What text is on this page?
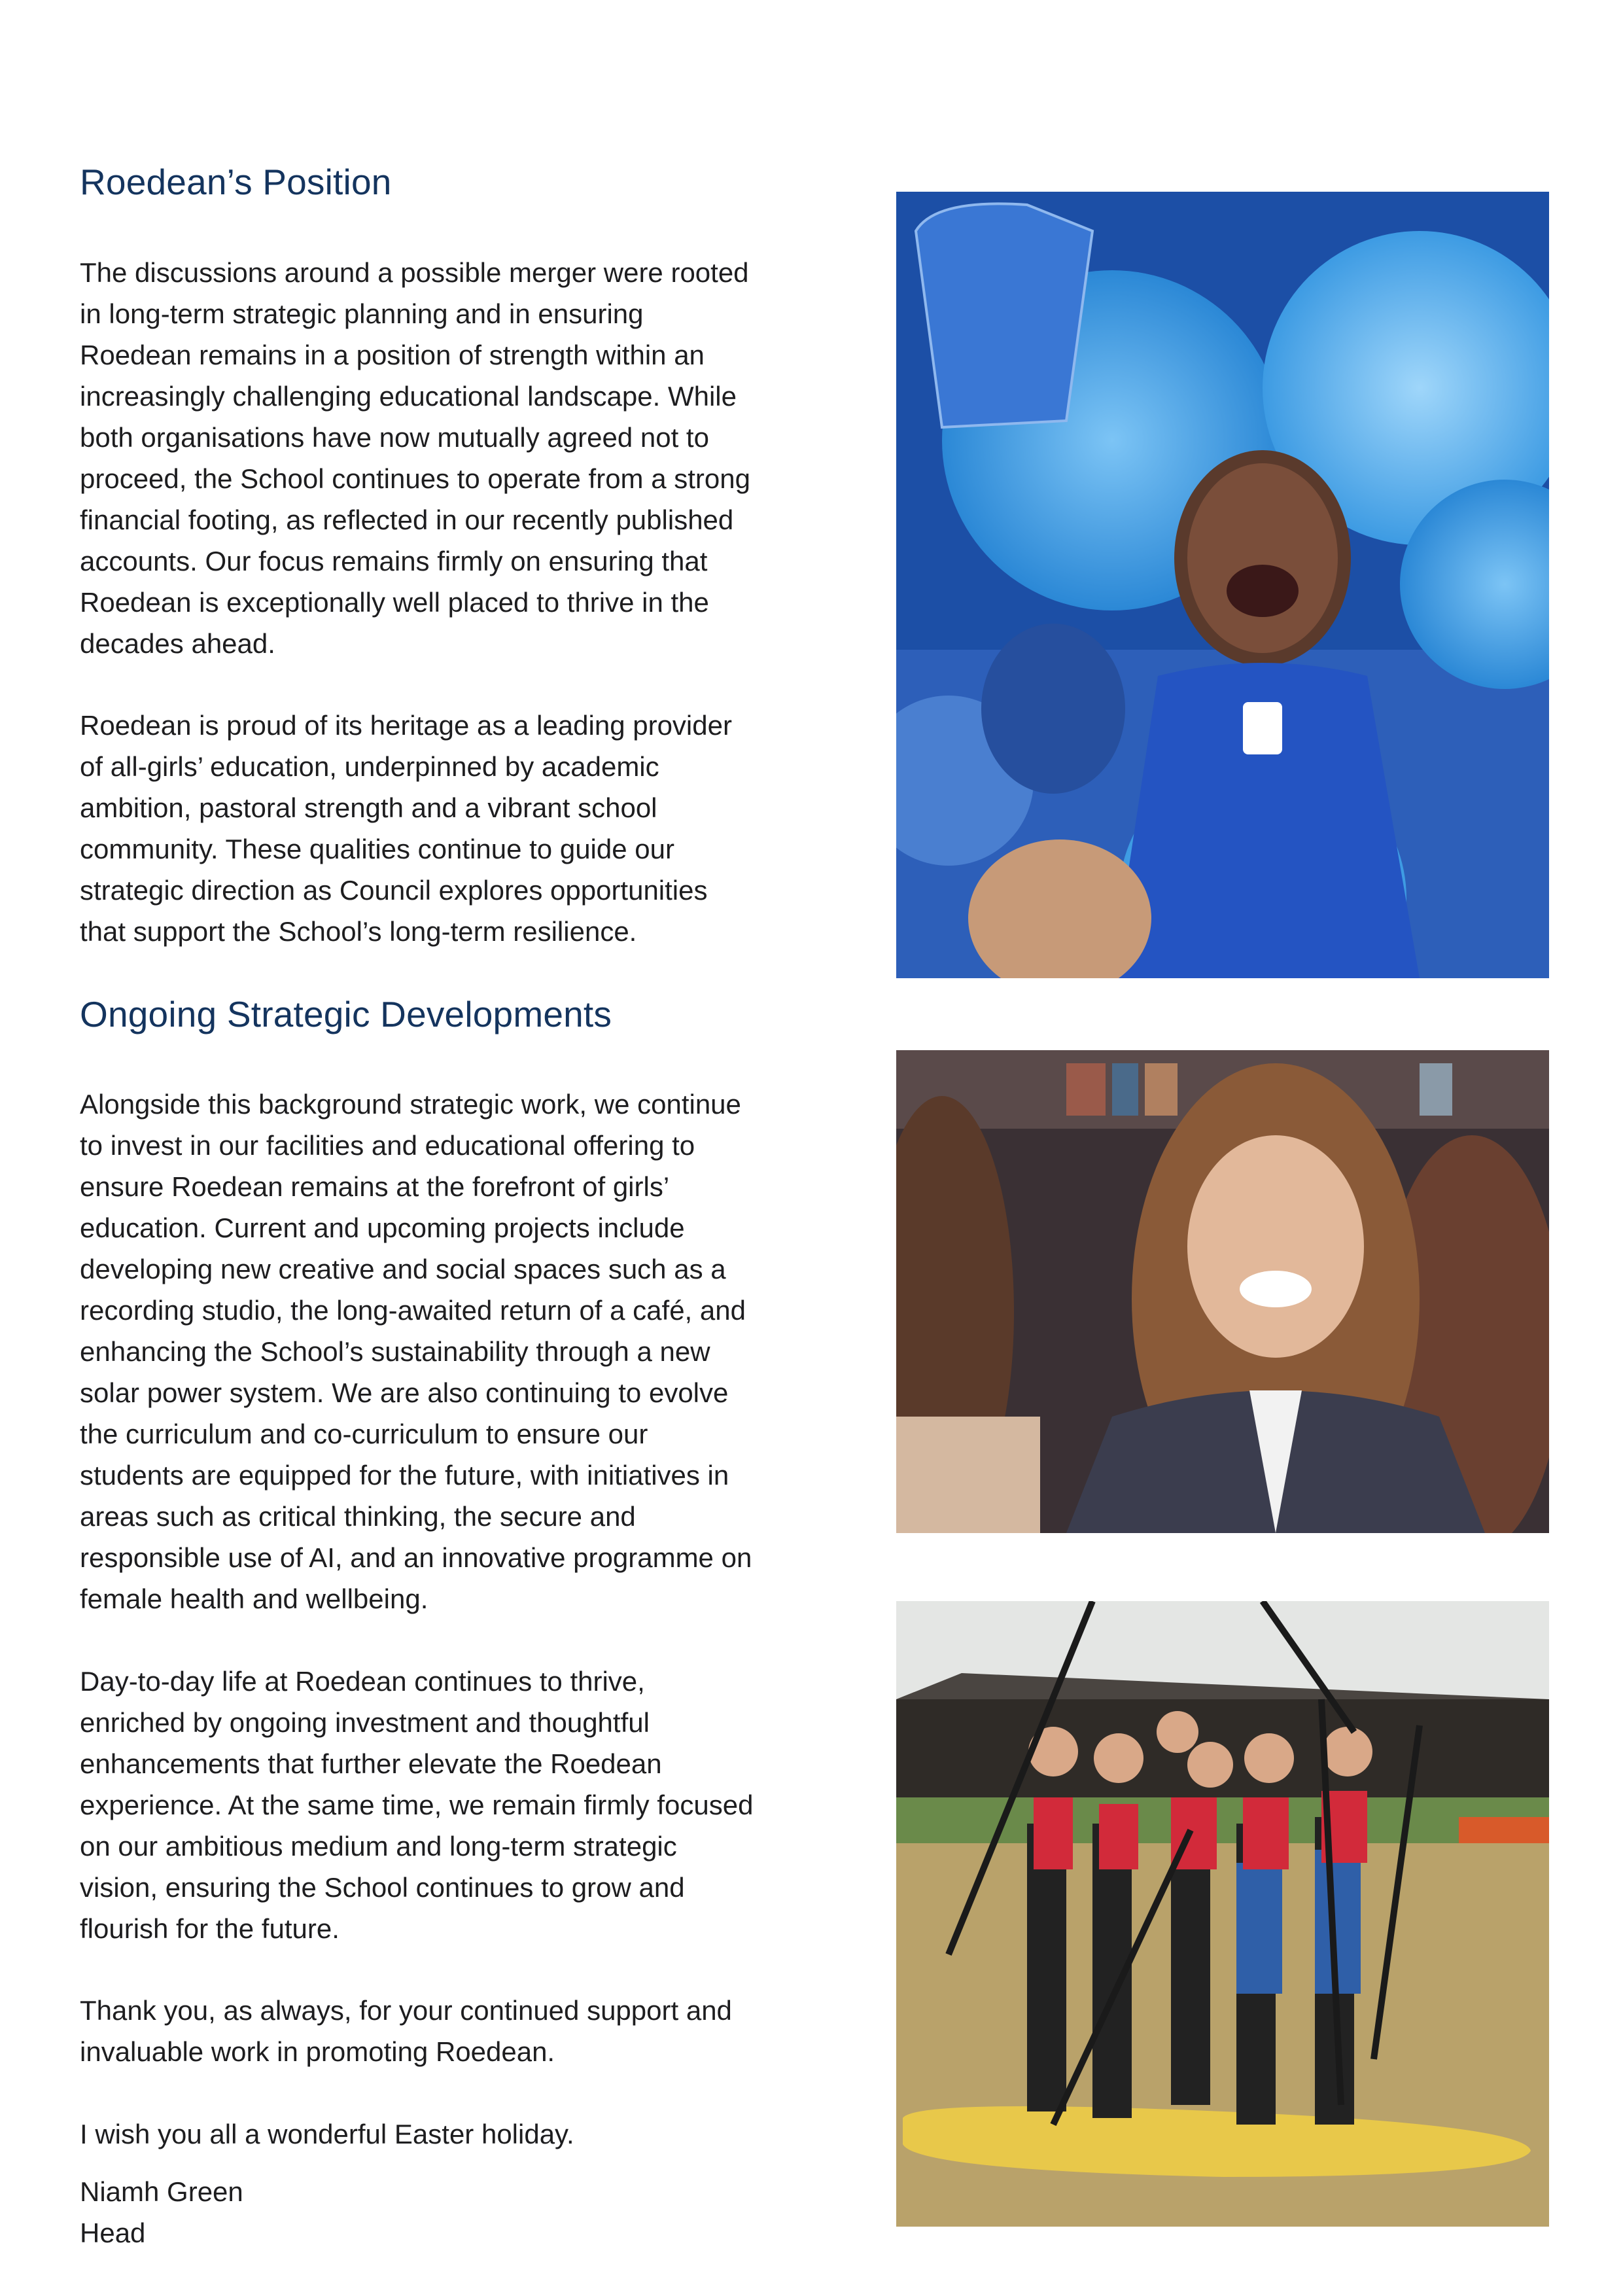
Roedean’s Position

The discussions around a possible merger were rooted
in long-term strategic planning and in ensuring
Roedean remains in a position of strength within an
increasingly challenging educational landscape. While
both organisations have now mutually agreed not to
proceed, the School continues to operate from a strong
financial footing, as reflected in our recently published
accounts. Our focus remains firmly on ensuring that
Roedean is exceptionally well placed to thrive in the
decades ahead.

Roedean is proud of its heritage as a leading provider
of all-girls’ education, underpinned by academic
ambition, pastoral strength and a vibrant school
community. These qualities continue to guide our
strategic direction as Council explores opportunities
that support the School’s long-term resilience.

Ongoing Strategic Developments

Alongside this background strategic work, we continue
to invest in our facilities and educational offering to
ensure Roedean remains at the forefront of girls’
education. Current and upcoming projects include
developing new creative and social spaces such as a
recording studio, the long-awaited return of a café, and
enhancing the School’s sustainability through a new
solar power system. We are also continuing to evolve
the curriculum and co-curriculum to ensure our
students are equipped for the future, with initiatives in
areas such as critical thinking, the secure and
responsible use of AI, and an innovative programme on
female health and wellbeing.

Day-to-day life at Roedean continues to thrive,
enriched by ongoing investment and thoughtful
enhancements that further elevate the Roedean
experience. At the same time, we remain firmly focused
on our ambitious medium and long-term strategic
vision, ensuring the School continues to grow and
flourish for the future.

Thank you, as always, for your continued support and
invaluable work in promoting Roedean.

I wish you all a wonderful Easter holiday.

Niamh Green
Head
